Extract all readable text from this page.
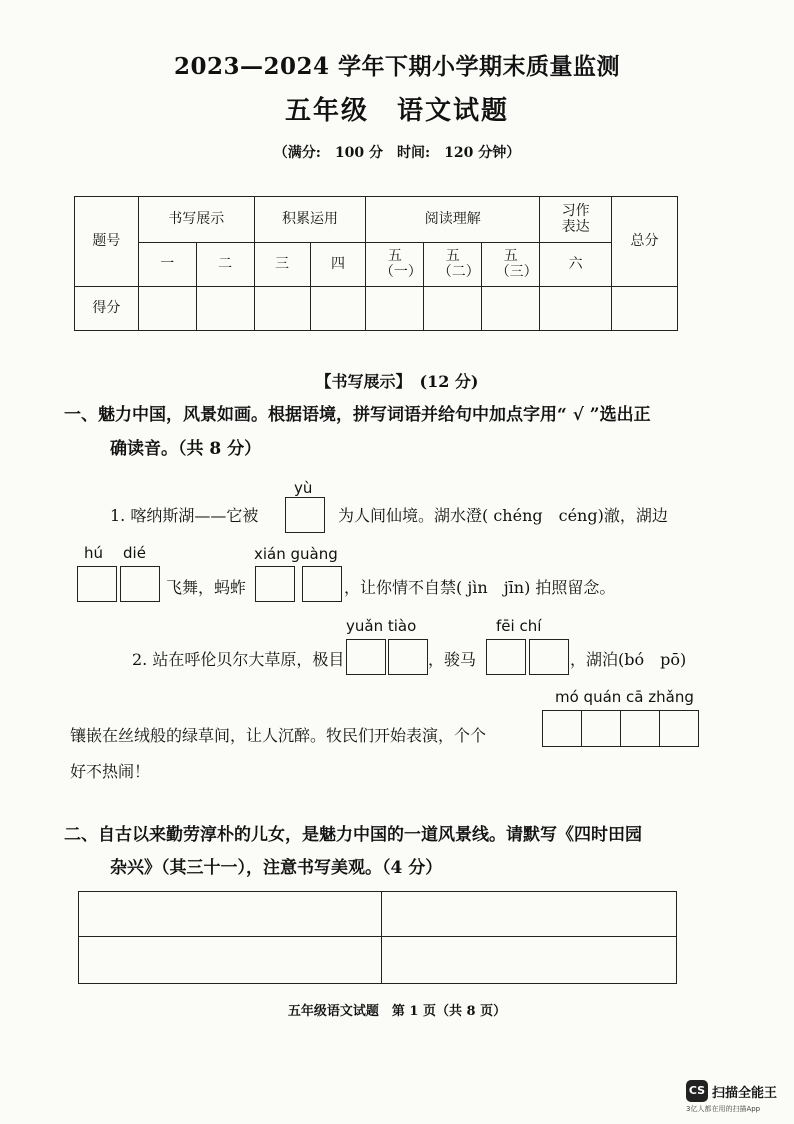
2023—2024 学年下期小学期末质量监测
五年级　语文试题
（满分:　100 分　时间:　120 分钟）
题号	书写展示		积累运用		阅读理解			习作表达	总分
	一	二	三	四	五（一）	五（二）	五（三）	六	
得分									
【书写展示】　(12 分)
一、魅力中国，风景如画。根据语境，拼写词语并给句中加点字用“ √ ”选出正
确读音。（共 8 分）
yù
1. 喀纳斯湖——它被	为人间仙境。湖水澄( chéng　céng)澈，湖边
hú dié
飞舞，蚂蚱
xián guàng
，让你情不自禁( jìn　jīn) 拍照留念。
yuǎn tiào	fēi chí
2. 站在呼伦贝尔大草原，极目	，骏马	，湖泊(bó　pō)
mó quán cā zhǎng
镶嵌在丝绒般的绿草间，让人沉醉。牧民们开始表演，个个
好不热闹！
二、自古以来勤劳淳朴的儿女，是魅力中国的一道风景线。请默写《四时田园
杂兴》（其三十一），注意书写美观。（4 分）
五年级语文试题　第 1 页（共 8 页）
CS 扫描全能王
3亿人都在用的扫描App
